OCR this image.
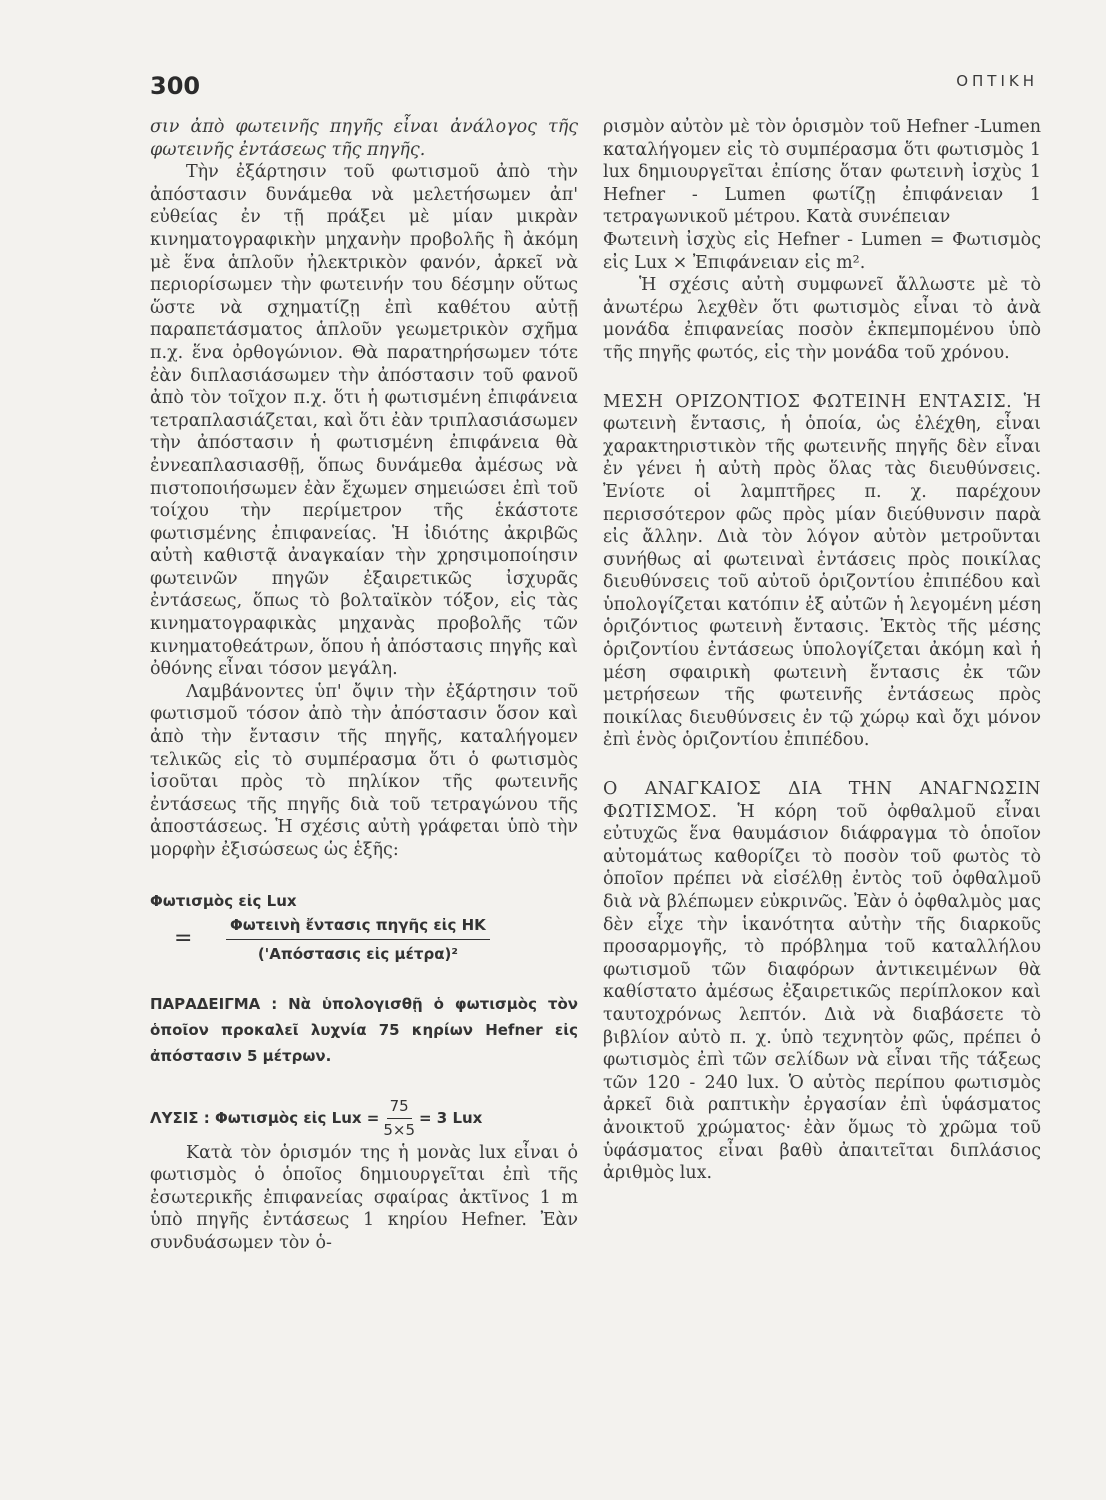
300	ΟΠΤΙΚΗ

σιν ἀπὸ φωτεινῆς πηγῆς εἶναι ἀνάλογος τῆς φωτεινῆς ἐντάσεως τῆς πηγῆς.

Τὴν ἐξάρτησιν τοῦ φωτισμοῦ ἀπὸ τὴν ἀπόστασιν δυνάμεθα νὰ μελετήσωμεν ἀπ' εὐθείας ἐν τῇ πράξει μὲ μίαν μικρὰν κινηματογραφικὴν μηχανὴν προβολῆς ἢ ἀκόμη μὲ ἕνα ἁπλοῦν ἠλεκτρικὸν φανόν, ἀρκεῖ νὰ περιορίσωμεν τὴν φωτεινήν του δέσμην οὕτως ὥστε νὰ σχηματίζῃ ἐπὶ καθέτου αὐτῇ παραπετάσματος ἁπλοῦν γεωμετρικὸν σχῆμα π.χ. ἕνα ὀρθογώνιον. Θὰ παρατηρήσωμεν τότε ἐὰν διπλασιάσωμεν τὴν ἀπόστασιν τοῦ φανοῦ ἀπὸ τὸν τοῖχον π.χ. ὅτι ἡ φωτισμένη ἐπιφάνεια τετραπλασιάζεται, καὶ ὅτι ἐὰν τριπλασιάσωμεν τὴν ἀπόστασιν ἡ φωτισμένη ἐπιφάνεια θὰ ἐννεαπλασιασθῇ, ὅπως δυνάμεθα ἀμέσως νὰ πιστοποιήσωμεν ἐὰν ἔχωμεν σημειώσει ἐπὶ τοῦ τοίχου τὴν περίμετρον τῆς ἑκάστοτε φωτισμένης ἐπιφανείας. Ἡ ἰδιότης ἀκριβῶς αὐτὴ καθιστᾷ ἀναγκαίαν τὴν χρησιμοποίησιν φωτεινῶν πηγῶν ἐξαιρετικῶς ἰσχυρᾶς ἐντάσεως, ὅπως τὸ βολταϊκὸν τόξον, εἰς τὰς κινηματογραφικὰς μηχανὰς προβολῆς τῶν κινηματοθεάτρων, ὅπου ἡ ἀπόστασις πηγῆς καὶ ὀθόνης εἶναι τόσον μεγάλη.

Λαμβάνοντες ὑπ' ὄψιν τὴν ἐξάρτησιν τοῦ φωτισμοῦ τόσον ἀπὸ τὴν ἀπόστασιν ὅσον καὶ ἀπὸ τὴν ἔντασιν τῆς πηγῆς, καταλήγομεν τελικῶς εἰς τὸ συμπέρασμα ὅτι ὁ φωτισμὸς ἰσοῦται πρὸς τὸ πηλίκον τῆς φωτεινῆς ἐντάσεως τῆς πηγῆς διὰ τοῦ τετραγώνου τῆς ἀποστάσεως. Ἡ σχέσις αὐτὴ γράφεται ὑπὸ τὴν μορφὴν ἐξισώσεως ὡς ἑξῆς:

Φωτισμὸς εἰς Lux
=	$\frac{\text{Φωτεινὴ ἔντασις πηγῆς εἰς ΗΚ}}{\text{('Απόστασις εἰς μέτρα)²}}$
ΠΑΡΑΔΕΙΓΜΑ : Νὰ ὑπολογισθῇ ὁ φωτισμὸς τὸν ὁποῖον προκαλεῖ λυχνία 75 κηρίων Hefner εἰς ἀπόστασιν 5 μέτρων.
ΛΥΣΙΣ : Φωτισμὸς εἰς Lux = $\frac{75}{5\times 5} = 3$ Lux

Κατὰ τὸν ὁρισμόν της ἡ μονὰς lux εἶναι ὁ φωτισμὸς ὁ ὁποῖος δημιουργεῖται ἐπὶ τῆς ἐσωτερικῆς ἐπιφανείας σφαίρας ἀκτῖνος 1 m ὑπὸ πηγῆς ἐντάσεως 1 κηρίου Hefner. Ἐὰν συνδυάσωμεν τὸν ὁ-

ρισμὸν αὐτὸν μὲ τὸν ὁρισμὸν τοῦ Hefner -Lumen καταλήγομεν εἰς τὸ συμπέρασμα ὅτι φωτισμὸς 1 lux δημιουργεῖται ἐπίσης ὅταν φωτεινὴ ἰσχὺς 1 Hefner - Lumen φωτίζῃ ἐπιφάνειαν 1 τετραγωνικοῦ μέτρου. Κατὰ συνέπειαν

Φωτεινὴ ἰσχὺς εἰς Hefner - Lumen = Φωτισμὸς εἰς Lux × Ἐπιφάνειαν εἰς m².

Ἡ σχέσις αὐτὴ συμφωνεῖ ἄλλωστε μὲ τὸ ἀνωτέρω λεχθὲν ὅτι φωτισμὸς εἶναι τὸ ἀνὰ μονάδα ἐπιφανείας ποσὸν ἐκπεμπομένου ὑπὸ τῆς πηγῆς φωτός, εἰς τὴν μονάδα τοῦ χρόνου.

ΜΕΣΗ ΟΡΙΖΟΝΤΙΟΣ ΦΩΤΕΙΝΗ ΕΝΤΑΣΙΣ. Ἡ φωτεινὴ ἔντασις, ἡ ὁποία, ὡς ἐλέχθη, εἶναι χαρακτηριστικὸν τῆς φωτεινῆς πηγῆς δὲν εἶναι ἐν γένει ἡ αὐτὴ πρὸς ὅλας τὰς διευθύνσεις. Ἐνίοτε οἱ λαμπτῆρες π. χ. παρέχουν περισσότερον φῶς πρὸς μίαν διεύθυνσιν παρὰ εἰς ἄλλην. Διὰ τὸν λόγον αὐτὸν μετροῦνται συνήθως αἱ φωτειναὶ ἐντάσεις πρὸς ποικίλας διευθύνσεις τοῦ αὐτοῦ ὁριζοντίου ἐπιπέδου καὶ ὑπολογίζεται κατόπιν ἐξ αὐτῶν ἡ λεγομένη μέση ὁριζόντιος φωτεινὴ ἔντασις. Ἐκτὸς τῆς μέσης ὁριζοντίου ἐντάσεως ὑπολογίζεται ἀκόμη καὶ ἡ μέση σφαιρικὴ φωτεινὴ ἔντασις ἐκ τῶν μετρήσεων τῆς φωτεινῆς ἐντάσεως πρὸς ποικίλας διευθύνσεις ἐν τῷ χώρῳ καὶ ὄχι μόνον ἐπὶ ἑνὸς ὁριζοντίου ἐπιπέδου.

Ο ΑΝΑΓΚΑΙΟΣ ΔΙΑ ΤΗΝ ΑΝΑΓΝΩΣΙΝ ΦΩΤΙΣΜΟΣ. Ἡ κόρη τοῦ ὀφθαλμοῦ εἶναι εὐτυχῶς ἕνα θαυμάσιον διάφραγμα τὸ ὁποῖον αὐτομάτως καθορίζει τὸ ποσὸν τοῦ φωτὸς τὸ ὁποῖον πρέπει νὰ εἰσέλθῃ ἐντὸς τοῦ ὀφθαλμοῦ διὰ νὰ βλέπωμεν εὐκρινῶς. Ἐὰν ὁ ὀφθαλμὸς μας δὲν εἶχε τὴν ἱκανότητα αὐτὴν τῆς διαρκοῦς προσαρμογῆς, τὸ πρόβλημα τοῦ καταλλήλου φωτισμοῦ τῶν διαφόρων ἀντικειμένων θὰ καθίστατο ἀμέσως ἐξαιρετικῶς περίπλοκον καὶ ταυτοχρόνως λεπτόν. Διὰ νὰ διαβάσετε τὸ βιβλίον αὐτὸ π. χ. ὑπὸ τεχνητὸν φῶς, πρέπει ὁ φωτισμὸς ἐπὶ τῶν σελίδων νὰ εἶναι τῆς τάξεως τῶν 120 - 240 lux. Ὁ αὐτὸς περίπου φωτισμὸς ἀρκεῖ διὰ ραπτικὴν ἐργασίαν ἐπὶ ὑφάσματος ἀνοικτοῦ χρώματος· ἐὰν ὅμως τὸ χρῶμα τοῦ ὑφάσματος εἶναι βαθὺ ἀπαιτεῖται διπλάσιος ἀριθμὸς lux.
